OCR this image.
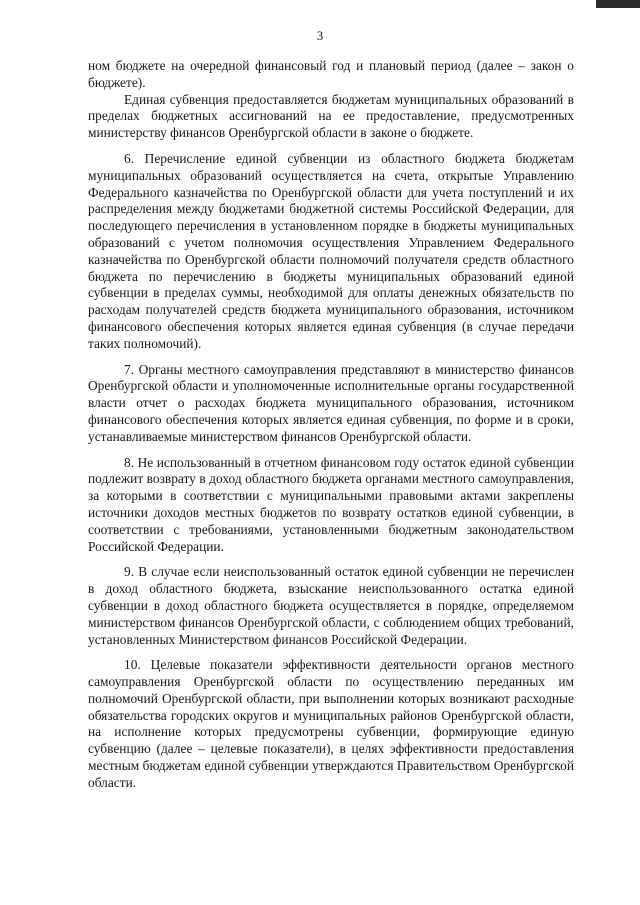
3

ном бюджете на очередной финансовый год и плановый период (далее – закон о бюджете).

Единая субвенция предоставляется бюджетам муниципальных образований в пределах бюджетных ассигнований на ее предоставление, предусмотренных министерству финансов Оренбургской области в законе о бюджете.

6. Перечисление единой субвенции из областного бюджета бюджетам муниципальных образований осуществляется на счета, открытые Управлению Федерального казначейства по Оренбургской области для учета поступлений и их распределения между бюджетами бюджетной системы Российской Федерации, для последующего перечисления в установленном порядке в бюджеты муниципальных образований с учетом полномочия осуществления Управлением Федерального казначейства по Оренбургской области полномочий получателя средств областного бюджета по перечислению в бюджеты муниципальных образований единой субвенции в пределах суммы, необходимой для оплаты денежных обязательств по расходам получателей средств бюджета муниципального образования, источником финансового обеспечения которых является единая субвенция (в случае передачи таких полномочий).

7. Органы местного самоуправления представляют в министерство финансов Оренбургской области и уполномоченные исполнительные органы государственной власти отчет о расходах бюджета муниципального образования, источником финансового обеспечения которых является единая субвенция, по форме и в сроки, устанавливаемые министерством финансов Оренбургской области.

8. Не использованный в отчетном финансовом году остаток единой субвенции подлежит возврату в доход областного бюджета органами местного самоуправления, за которыми в соответствии с муниципальными правовыми актами закреплены источники доходов местных бюджетов по возврату остатков единой субвенции, в соответствии с требованиями, установленными бюджетным законодательством Российской Федерации.

9. В случае если неиспользованный остаток единой субвенции не перечислен в доход областного бюджета, взыскание неиспользованного остатка единой субвенции в доход областного бюджета осуществляется в порядке, определяемом министерством финансов Оренбургской области, с соблюдением общих требований, установленных Министерством финансов Российской Федерации.

10. Целевые показатели эффективности деятельности органов местного самоуправления Оренбургской области по осуществлению переданных им полномочий Оренбургской области, при выполнении которых возникают расходные обязательства городских округов и муниципальных районов Оренбургской области, на исполнение которых предусмотрены субвенции, формирующие единую субвенцию (далее – целевые показатели), в целях эффективности предоставления местным бюджетам единой субвенции утверждаются Правительством Оренбургской области.
